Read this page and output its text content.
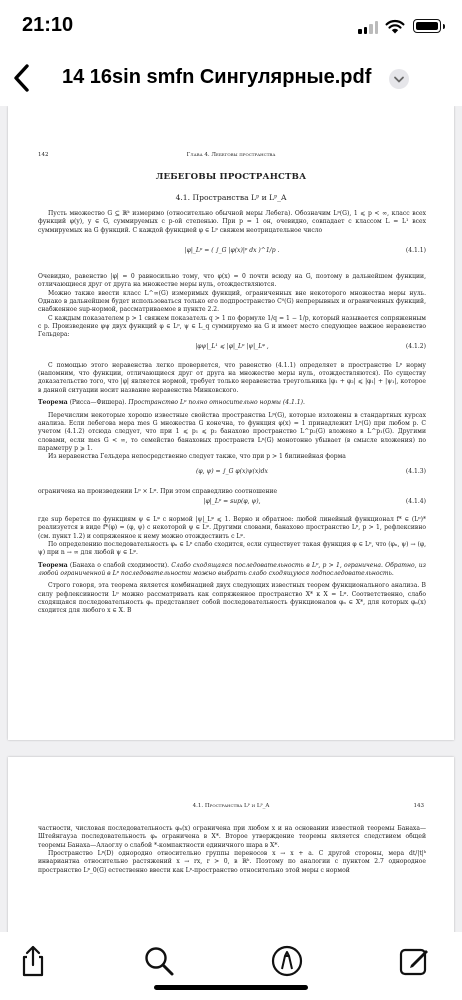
21:10
14 16sin smfn Сингулярные.pdf
142	Глава 4. Лебеговы пространства
ЛЕБЕГОВЫ ПРОСТРАНСТВА
4.1. Пространства Lᵖ и Lᵖ_A

Пусть множество G ⊆ ℝᵏ измеримо (относительно обычной меры Лебега). Обозначим Lᵖ(G), 1 ⩽ p < ∞, класс всех функций φ(y), y ∈ G, суммируемых с p-ой степенью. При p = 1 он, очевидно, совпадает с классом L = L¹ всех суммируемых на G функций. С каждой функцией φ ∈ Lᵖ свяжем неотрицательное число

|φ|_Lᵖ = ( ∫_G |φ(x)|ᵖ dx )^1/p .	(4.1.1)

Очевидно, равенство |φ| = 0 равносильно тому, что φ(x) = 0 почти всюду на G, поэтому в дальнейшем функции, отличающиеся друг от друга на множестве меры нуль, отождествляются.

Можно также ввести класс L^∞(G) измеримых функций, ограниченных вне некоторого множества меры нуль. Однако в дальнейшем будет использоваться только его подпространство C⁰(G) непрерывных и ограниченных функций, снабженное sup-нормой, рассматриваемое в пункте 2.2.

С каждым показателем p > 1 свяжем показатель q > 1 по формуле 1/q = 1 − 1/p, который называется сопряженным с p. Произведение φψ двух функций φ ∈ Lᵖ, ψ ∈ L_q суммируемо на G и имеет место следующее важное неравенство Гельдера:

|φψ|_L¹ ⩽ |φ|_Lᵖ |ψ|_Lᵠ ,	(4.1.2)

С помощью этого неравенства легко проверяется, что равенство (4.1.1) определяет в пространстве Lᵖ норму (напомним, что функции, отличающиеся друг от друга на множестве меры нуль, отождествляются). По существу доказательство того, что |φ| является нормой, требует только неравенства треугольника |φ₁ + φ₂| ⩽ |φ₁| + |ψ₁|, которое в данной ситуации носит название неравенства Минковского.

Теорема (Рисса—Фишера). Пространство Lᵖ полно относительно нормы (4.1.1).

Перечислим некоторые хорошо известные свойства пространства Lᵖ(G), которые изложены в стандартных курсах анализа. Если лебегова мера mes G множества G конечна, то функция φ(x) = 1 принадлежит Lᵖ(G) при любом p. С учетом (4.1.2) отсюда следует, что при 1 ⩽ p₁ ⩽ p₂ банахово пространство L^p₂(G) вложено в L^p₁(G). Другими словами, если mes G < ∞, то семейство банаховых пространств Lᵖ(G) монотонно убывает (в смысле вложения) по параметру p ⩾ 1.

Из неравенства Гельдера непосредственно следует также, что при p > 1 билинейная форма

(φ, ψ) = ∫_G φ(x)ψ(x)dx	(4.1.3)

ограничена на произведении Lᵖ × Lᵠ. При этом справедливо соотношение

|φ|_Lᵖ = sup(φ, ψ),	(4.1.4)

где sup берется по функциям ψ ∈ Lᵠ с нормой |ψ|_Lᵠ ⩽ 1. Верно и обратное: любой линейный функционал f* ∈ (Lᵖ)* реализуется в виде f*(φ) = (φ, ψ) с некоторой ψ ∈ Lᵠ. Другими словами, банахово пространство Lᵖ, p > 1, рефлексивно (см. пункт 1.2) и сопряженное к нему можно отождествить с Lᵠ.

По определению последовательность φₙ ∈ Lᵖ слабо сходится, если существует такая функция φ ∈ Lᵖ, что (φₙ, ψ) → (φ, ψ) при n → ∞ для любой ψ ∈ Lᵠ.

Теорема (Банаха о слабой сходимости). Слабо сходящаяся последовательность в Lᵖ, p > 1, ограничена. Обратно, из любой ограниченной в Lᵖ последовательности можно выбрать слабо сходящуюся подпоследовательность.

Строго говоря, эта теорема является комбинацией двух следующих известных теорем функционального анализа. В силу рефлексивности Lᵖ можно рассматривать как сопряженное пространство X* к X = Lᵠ. Соответственно, слабо сходящаяся последовательность φₙ представляет собой последовательность функционалов φₙ ∈ X*, для которых φₙ(x) сходится для любого x ∈ X. В

4.1. Пространства Lᵖ и Lᵖ_A	143

частности, числовая последовательность φₙ(x) ограничена при любом x и на основании известной теоремы Банаха—Штейнгауза последовательность φₙ ограничена в X*. Второе утверждение теоремы является следствием общей теоремы Банаха—Алаоглу о слабой *-компактности единичного шара в X*.

Пространство Lᵖ(D) однородно относительно группы переносов x → x + a. С другой стороны, мера dt/|t|ᵏ инвариантна относительно растяжений x → rx, r > 0, в ℝᵏ. Поэтому по аналогии с пунктом 2.7 однородное пространство Lᵖ_0(G) естественно ввести как Lᵖ-пространство относительно этой меры с нормой
